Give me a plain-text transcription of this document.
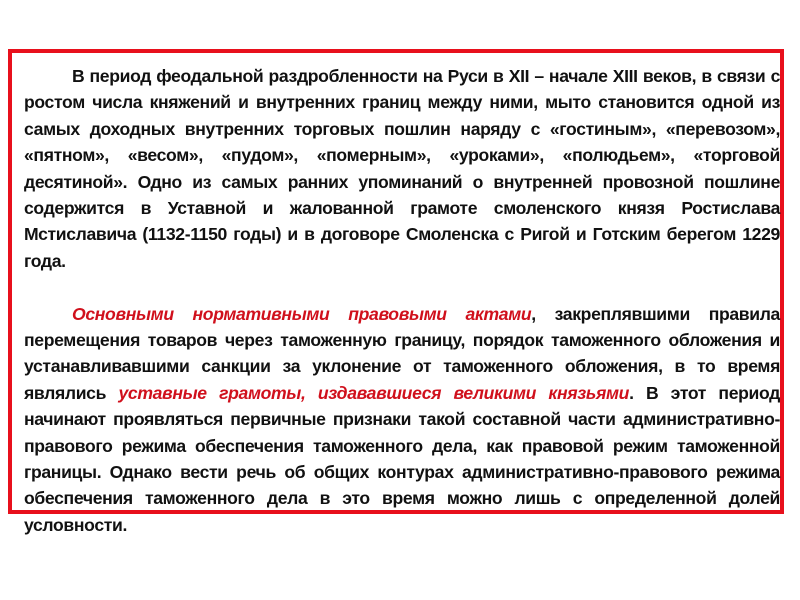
В период феодальной раздробленности на Руси в XII – начале XIII веков, в связи с ростом числа княжений и внутренних границ между ними, мыто становится одной из самых доходных внутренних торговых пошлин наряду с «гостиным», «перевозом», «пятном», «весом», «пудом», «померным», «уроками», «полюдьем», «торговой десятиной». Одно из самых ранних упоминаний о внутренней провозной пошлине содержится в Уставной и жалованной грамоте смоленского князя Ростислава Мстиславича (1132-1150 годы) и в договоре Смоленска с Ригой и Готским берегом 1229 года.

Основными нормативными правовыми актами, закреплявшими правила перемещения товаров через таможенную границу, порядок таможенного обложения и устанавливавшими санкции за уклонение от таможенного обложения, в то время являлись уставные грамоты, издававшиеся великими князьями. В этот период начинают проявляться первичные признаки такой составной части административно-правового режима обеспечения таможенного дела, как правовой режим таможенной границы. Однако вести речь об общих контурах административно-правового режима обеспечения таможенного дела в это время можно лишь с определенной долей условности.
